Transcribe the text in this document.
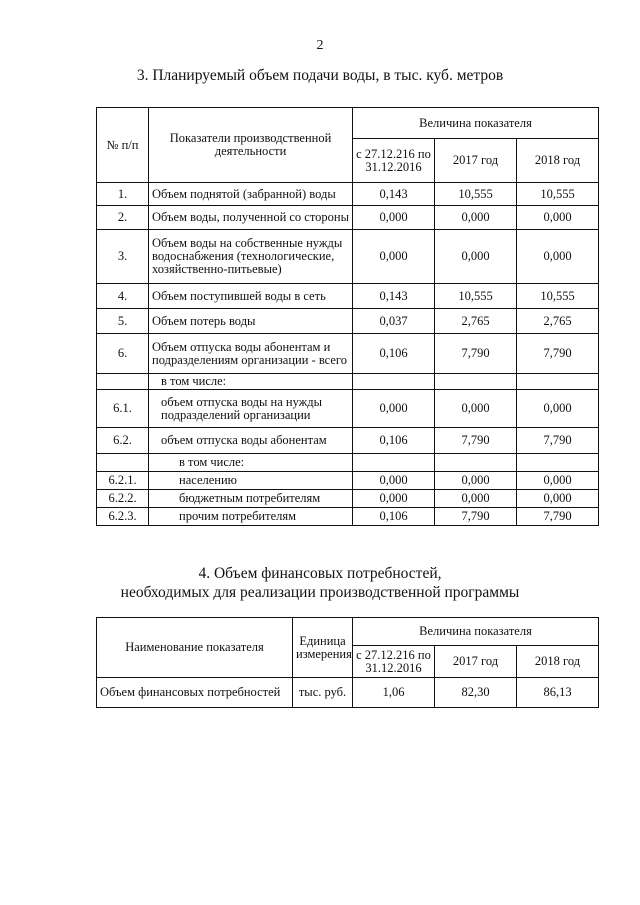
2
3. Планируемый объем подачи воды, в тыс. куб. метров
№ п/п	Показатели производственной деятельности	Величина показателя		
		с 27.12.216 по 31.12.2016	2017 год	2018 год
1.	Объем поднятой (забранной) воды	0,143	10,555	10,555
2.	Объем воды, полученной со стороны	0,000	0,000	0,000
3.	Объем воды на собственные нужды водоснабжения (технологические, хозяйственно-питьевые)	0,000	0,000	0,000
4.	Объем поступившей воды в сеть	0,143	10,555	10,555
5.	Объем потерь воды	0,037	2,765	2,765
6.	Объем отпуска воды абонентам и подразделениям организации - всего	0,106	7,790	7,790
	в том числе:			
6.1.	объем отпуска воды на нужды подразделений организации	0,000	0,000	0,000
6.2.	объем отпуска воды абонентам	0,106	7,790	7,790
	в том числе:			
6.2.1.	населению	0,000	0,000	0,000
6.2.2.	бюджетным потребителям	0,000	0,000	0,000
6.2.3.	прочим потребителям	0,106	7,790	7,790
4. Объем финансовых потребностей,
необходимых для реализации производственной программы
Наименование показателя	Единица измерения	Величина показателя		
		с 27.12.216 по 31.12.2016	2017 год	2018 год
Объем финансовых потребностей	тыс. руб.	1,06	82,30	86,13
